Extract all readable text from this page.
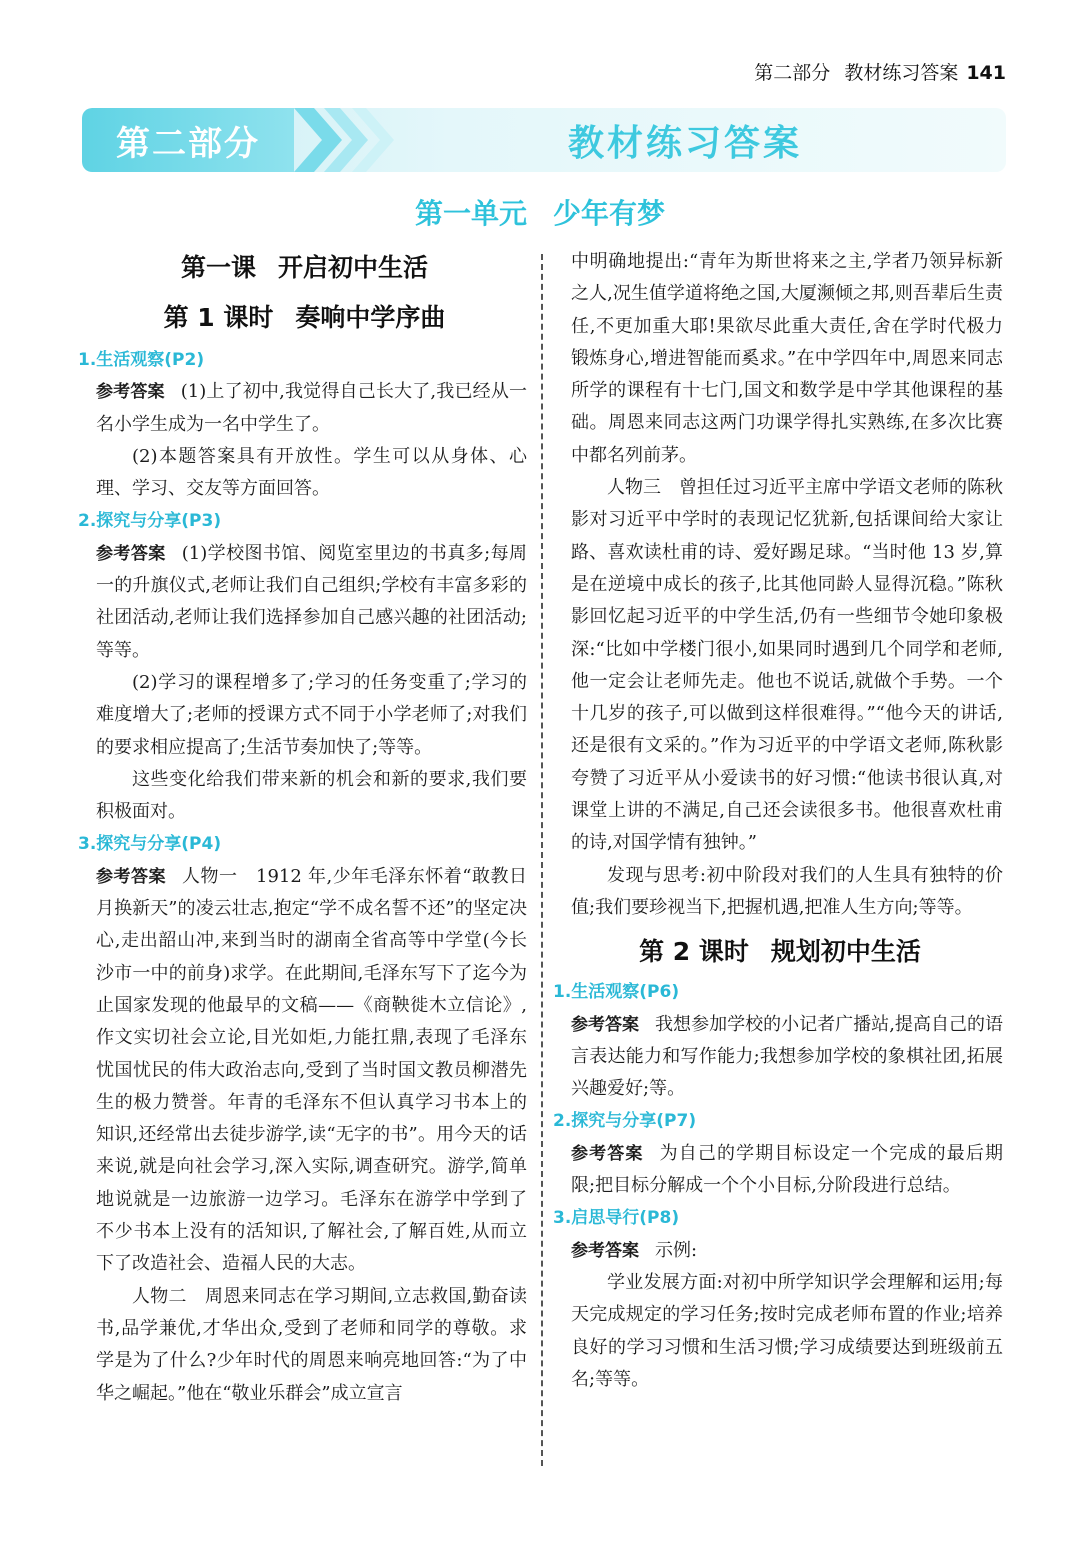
第二部分 教材练习答案 141
第二部分	教材练习答案
第一单元 少年有梦
第一课 开启初中生活
第 1 课时 奏响中学序曲
1.生活观察(P2)

参考答案 (1)上了初中,我觉得自己长大了,我已经从一名小学生成为一名中学生了。

(2)本题答案具有开放性。学生可以从身体、心理、学习、交友等方面回答。

2.探究与分享(P3)

参考答案 (1)学校图书馆、阅览室里边的书真多;每周一的升旗仪式,老师让我们自己组织;学校有丰富多彩的社团活动,老师让我们选择参加自己感兴趣的社团活动;等等。

(2)学习的课程增多了;学习的任务变重了;学习的难度增大了;老师的授课方式不同于小学老师了;对我们的要求相应提高了;生活节奏加快了;等等。

这些变化给我们带来新的机会和新的要求,我们要积极面对。

3.探究与分享(P4)

参考答案 人物一　1912 年,少年毛泽东怀着“敢教日月换新天”的凌云壮志,抱定“学不成名誓不还”的坚定决心,走出韶山冲,来到当时的湖南全省高等中学堂(今长沙市一中的前身)求学。在此期间,毛泽东写下了迄今为止国家发现的他最早的文稿——《商鞅徙木立信论》,作文实切社会立论,目光如炬,力能扛鼎,表现了毛泽东忧国忧民的伟大政治志向,受到了当时国文教员柳潜先生的极力赞誉。年青的毛泽东不但认真学习书本上的知识,还经常出去徒步游学,读“无字的书”。用今天的话来说,就是向社会学习,深入实际,调查研究。游学,简单地说就是一边旅游一边学习。毛泽东在游学中学到了不少书本上没有的活知识,了解社会,了解百姓,从而立下了改造社会、造福人民的大志。

人物二　周恩来同志在学习期间,立志救国,勤奋读书,品学兼优,才华出众,受到了老师和同学的尊敬。求学是为了什么?少年时代的周恩来响亮地回答:“为了中华之崛起。”他在“敬业乐群会”成立宣言

中明确地提出:“青年为斯世将来之主,学者乃领异标新之人,况生值学道将绝之国,大厦濒倾之邦,则吾辈后生责任,不更加重大耶!果欲尽此重大责任,舍在学时代极力锻炼身心,增进智能而奚求。”在中学四年中,周恩来同志所学的课程有十七门,国文和数学是中学其他课程的基础。周恩来同志这两门功课学得扎实熟练,在多次比赛中都名列前茅。

人物三　曾担任过习近平主席中学语文老师的陈秋影对习近平中学时的表现记忆犹新,包括课间给大家让路、喜欢读杜甫的诗、爱好踢足球。“当时他 13 岁,算是在逆境中成长的孩子,比其他同龄人显得沉稳。”陈秋影回忆起习近平的中学生活,仍有一些细节令她印象极深:“比如中学楼门很小,如果同时遇到几个同学和老师,他一定会让老师先走。他也不说话,就做个手势。一个十几岁的孩子,可以做到这样很难得。”“他今天的讲话,还是很有文采的。”作为习近平的中学语文老师,陈秋影夸赞了习近平从小爱读书的好习惯:“他读书很认真,对课堂上讲的不满足,自己还会读很多书。他很喜欢杜甫的诗,对国学情有独钟。”

发现与思考:初中阶段对我们的人生具有独特的价值;我们要珍视当下,把握机遇,把准人生方向;等等。

第 2 课时 规划初中生活
1.生活观察(P6)

参考答案 我想参加学校的小记者广播站,提高自己的语言表达能力和写作能力;我想参加学校的象棋社团,拓展兴趣爱好;等。

2.探究与分享(P7)

参考答案 为自己的学期目标设定一个完成的最后期限;把目标分解成一个个小目标,分阶段进行总结。

3.启思导行(P8)

参考答案 示例:

学业发展方面:对初中所学知识学会理解和运用;每天完成规定的学习任务;按时完成老师布置的作业;培养良好的学习习惯和生活习惯;学习成绩要达到班级前五名;等等。
